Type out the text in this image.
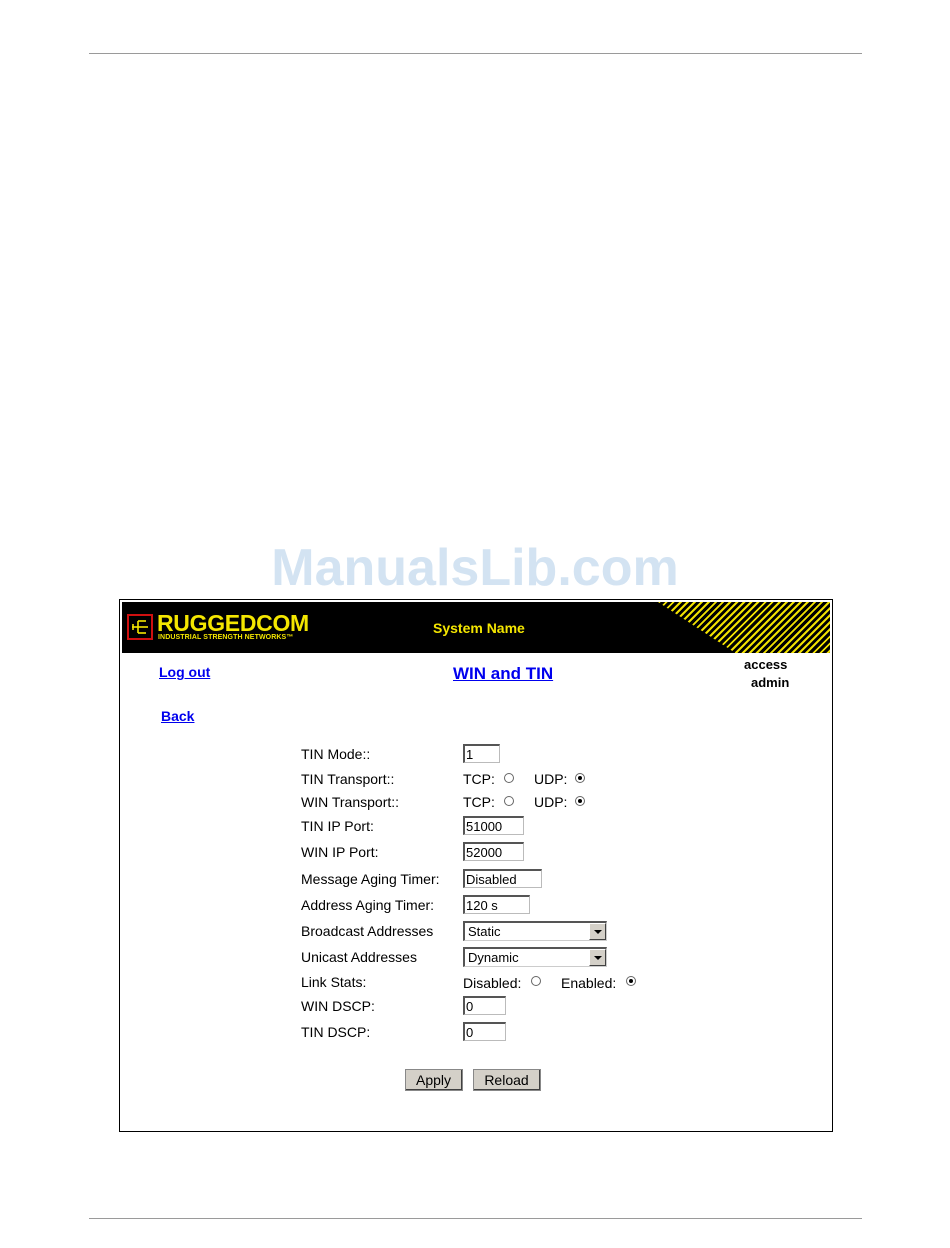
ManualsLib.com
RUGGEDCOM
INDUSTRIAL STRENGTH NETWORKS™
System Name
Log out	WIN and TIN	access
admin
Back
TIN Mode::
1
TIN Transport::	TCP:	UDP:
WIN Transport::	TCP:	UDP:
TIN IP Port:
51000
WIN IP Port:
52000
Message Aging Timer:
Disabled
Address Aging Timer:
120 s
Broadcast Addresses	Static
Unicast Addresses	Dynamic
Link Stats:	Disabled:	Enabled:
WIN DSCP:
0
TIN DSCP:
0
Apply	Reload
